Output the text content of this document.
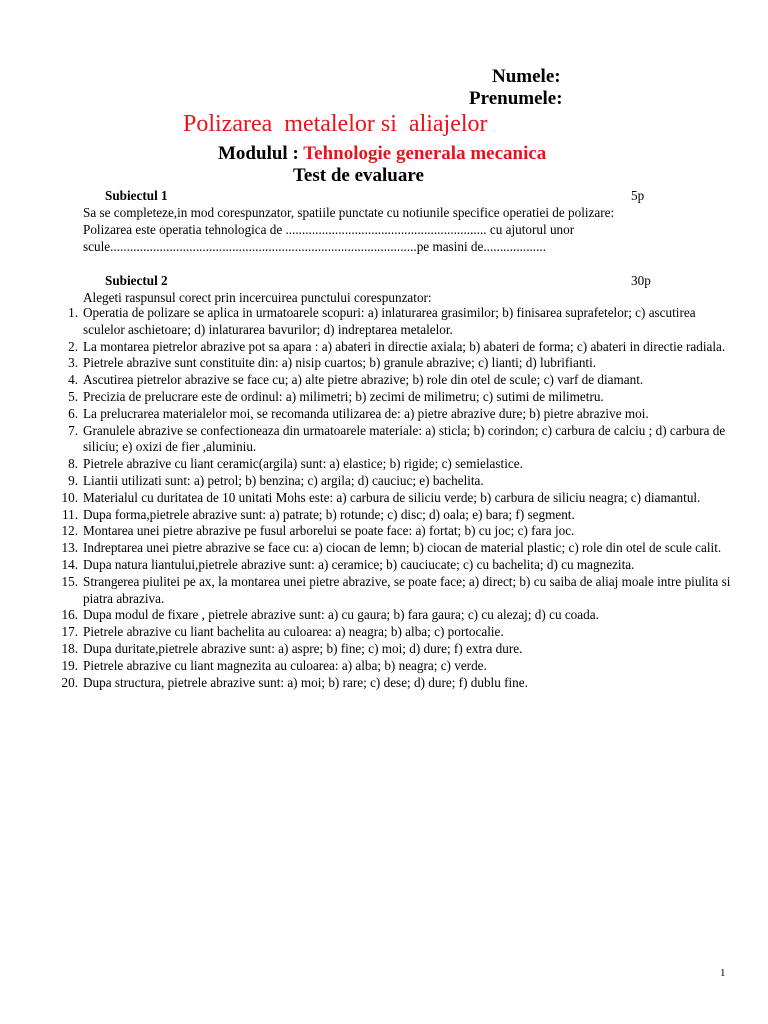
Numele:
Prenumele:
Polizarea  metalelor si  aliajelor
Modulul : Tehnologie generala mecanica
Test de evaluare
Subiectul 1	5p
Sa se completeze,in mod corespunzator, spatiile punctate cu notiunile specifice operatiei de polizare:
Polizarea este operatia tehnologica de ............................................................. cu ajutorul unor
scule.............................................................................................pe masini de...................
Subiectul 2	30p
Alegeti raspunsul corect prin incercuirea punctului corespunzator:
1. Operatia de polizare se aplica in urmatoarele scopuri: a) inlaturarea grasimilor; b) finisarea suprafetelor; c) ascutirea sculelor aschietoare; d) inlaturarea bavurilor; d) indreptarea metalelor.
2. La montarea pietrelor abrazive pot sa apara : a) abateri in directie axiala; b) abateri de forma; c) abateri in directie radiala.
3. Pietrele abrazive sunt constituite din: a) nisip cuartos; b) granule abrazive; c) lianti; d) lubrifianti.
4. Ascutirea pietrelor abrazive se face cu; a) alte pietre abrazive; b) role din otel de scule; c) varf de diamant.
5. Precizia de prelucrare este de ordinul: a) milimetri; b) zecimi de milimetru; c) sutimi de milimetru.
6. La prelucrarea materialelor moi, se recomanda utilizarea de: a) pietre abrazive dure; b) pietre abrazive moi.
7. Granulele abrazive se confectioneaza din urmatoarele materiale: a) sticla; b) corindon; c) carbura de calciu ; d) carbura de siliciu; e) oxizi de fier ,aluminiu.
8. Pietrele abrazive cu liant ceramic(argila) sunt: a) elastice; b) rigide; c) semielastice.
9. Liantii utilizati sunt: a) petrol; b) benzina; c) argila; d) cauciuc; e) bachelita.
10. Materialul cu duritatea de 10 unitati Mohs este: a) carbura de siliciu verde; b) carbura de siliciu neagra; c) diamantul.
11. Dupa forma,pietrele abrazive sunt: a) patrate; b) rotunde; c) disc; d) oala; e) bara; f) segment.
12. Montarea unei pietre abrazive pe fusul arborelui se poate face: a) fortat; b) cu joc; c) fara joc.
13. Indreptarea unei pietre abrazive se face cu: a) ciocan de lemn; b) ciocan de material plastic; c) role din otel de scule calit.
14. Dupa natura liantului,pietrele abrazive sunt: a) ceramice; b) cauciucate; c) cu bachelita; d) cu magnezita.
15. Strangerea piulitei pe ax, la montarea unei pietre abrazive, se poate face; a) direct; b) cu saiba de aliaj moale intre piulita si piatra abraziva.
16. Dupa modul de fixare , pietrele abrazive sunt: a) cu gaura; b) fara gaura; c) cu alezaj; d) cu coada.
17. Pietrele abrazive cu liant bachelita au culoarea: a) neagra; b) alba; c) portocalie.
18. Dupa duritate,pietrele abrazive sunt: a) aspre; b) fine; c) moi; d) dure; f) extra dure.
19. Pietrele abrazive cu liant magnezita au culoarea: a) alba; b) neagra; c) verde.
20. Dupa structura, pietrele abrazive sunt: a) moi; b) rare; c) dese; d) dure; f) dublu fine.
1
